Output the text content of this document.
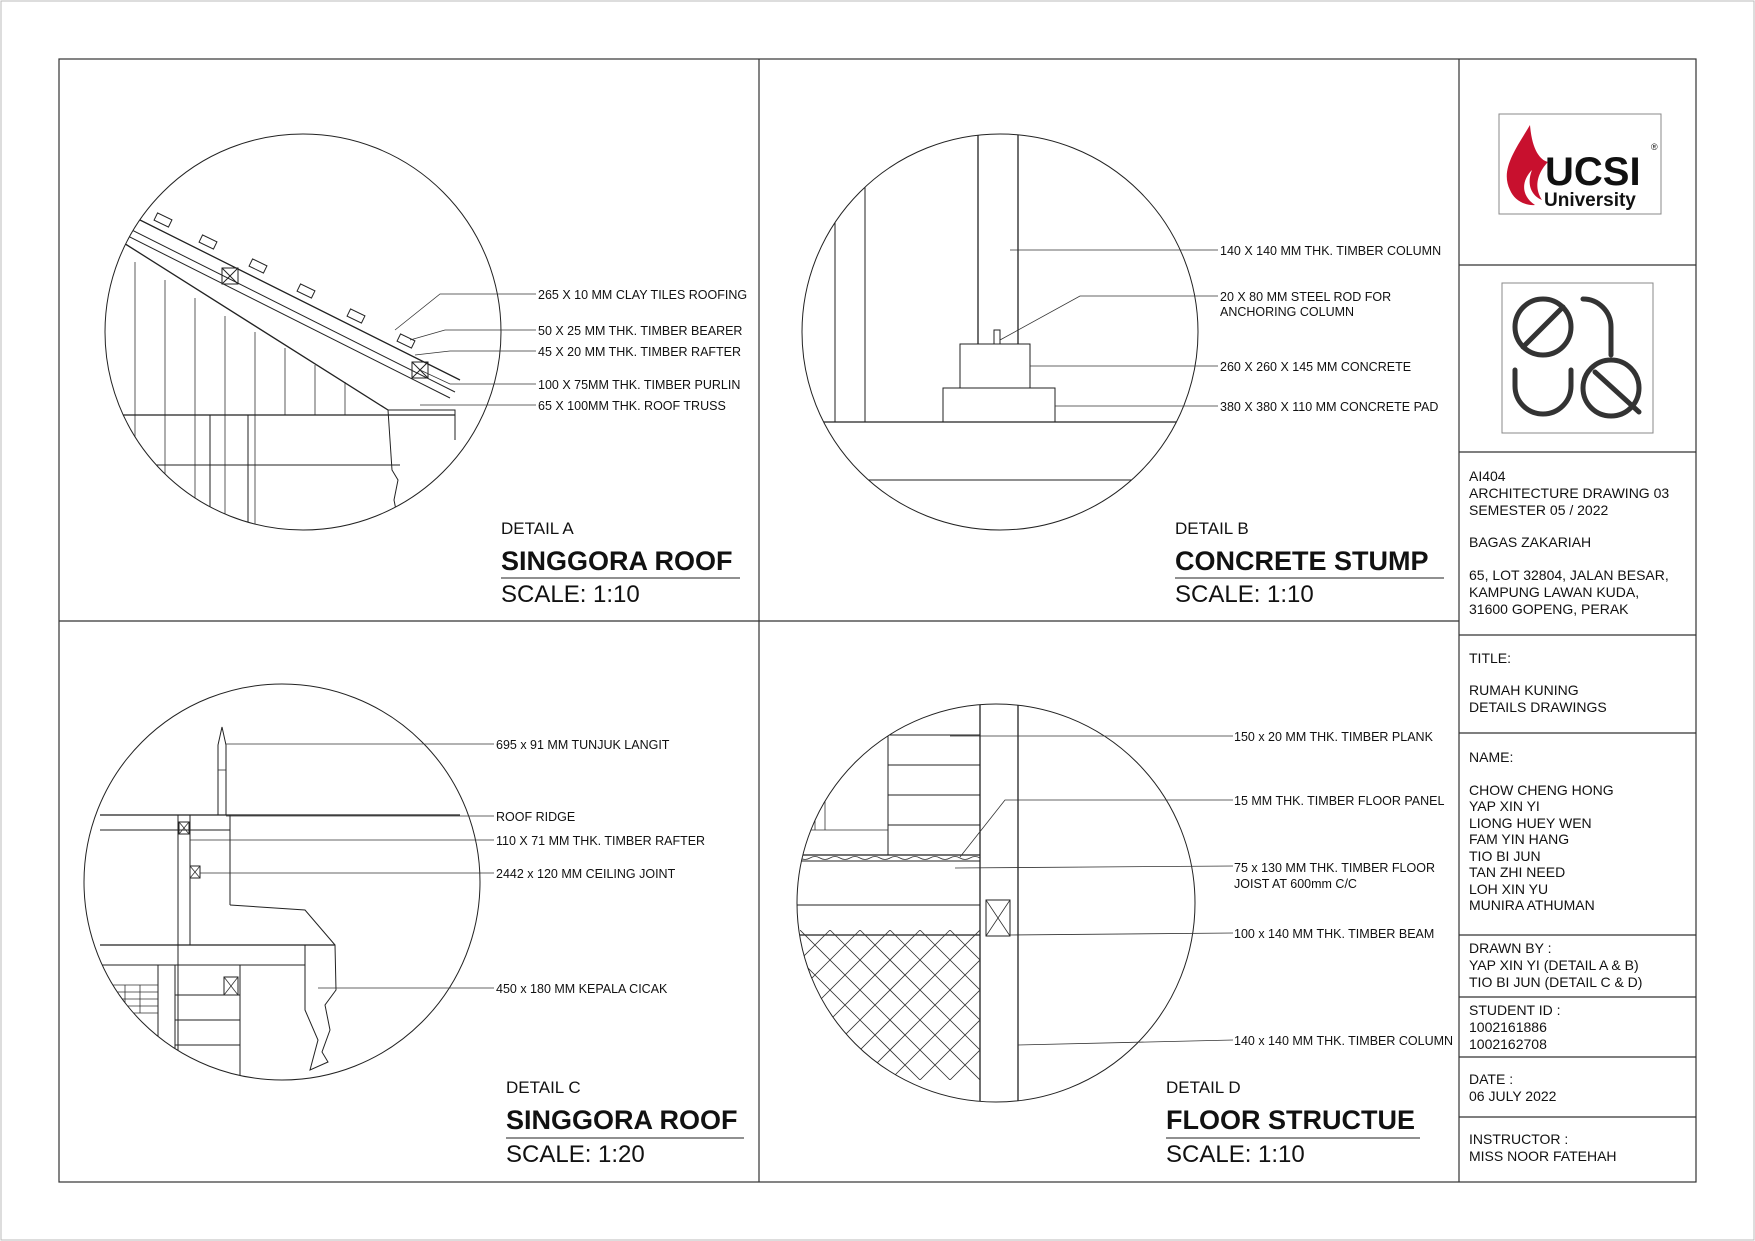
265 X 10 MM CLAY TILES ROOFING
50 X 25 MM THK. TIMBER BEARER
45 X 20 MM THK. TIMBER RAFTER
100 X 75MM THK. TIMBER PURLIN
65 X 100MM THK. ROOF TRUSS
DETAIL A
SINGGORA ROOF
SCALE: 1:10
140 X 140 MM THK. TIMBER COLUMN
20 X 80 MM STEEL ROD FOR
ANCHORING COLUMN
260 X 260 X 145 MM CONCRETE
380 X 380 X 110 MM CONCRETE PAD
DETAIL B
CONCRETE STUMP
SCALE: 1:10
695 x 91 MM TUNJUK LANGIT
ROOF RIDGE
110 X 71 MM THK. TIMBER RAFTER
2442 x 120 MM CEILING JOINT
450 x 180 MM KEPALA CICAK
DETAIL C
SINGGORA ROOF
SCALE: 1:20
150 x 20 MM THK. TIMBER PLANK
15 MM THK. TIMBER FLOOR PANEL
75 x 130 MM THK. TIMBER FLOOR
JOIST AT 600mm C/C
100 x 140 MM THK. TIMBER BEAM
140 x 140 MM THK. TIMBER COLUMN
DETAIL D
FLOOR STRUCTUE
SCALE: 1:10
UCSI
University
®
AI404
ARCHITECTURE DRAWING 03
SEMESTER 05 / 2022
BAGAS ZAKARIAH
65, LOT 32804, JALAN BESAR,
KAMPUNG LAWAN KUDA,
31600 GOPENG, PERAK
TITLE:
RUMAH KUNING
DETAILS DRAWINGS
NAME:
CHOW CHENG HONG
YAP XIN YI
LIONG HUEY WEN
FAM YIN HANG
TIO BI JUN
TAN ZHI NEED
LOH XIN YU
MUNIRA ATHUMAN
DRAWN BY :
YAP XIN YI (DETAIL A & B)
TIO BI JUN (DETAIL C & D)
STUDENT ID :
1002161886
1002162708
DATE :
06 JULY 2022
INSTRUCTOR :
MISS NOOR FATEHAH
